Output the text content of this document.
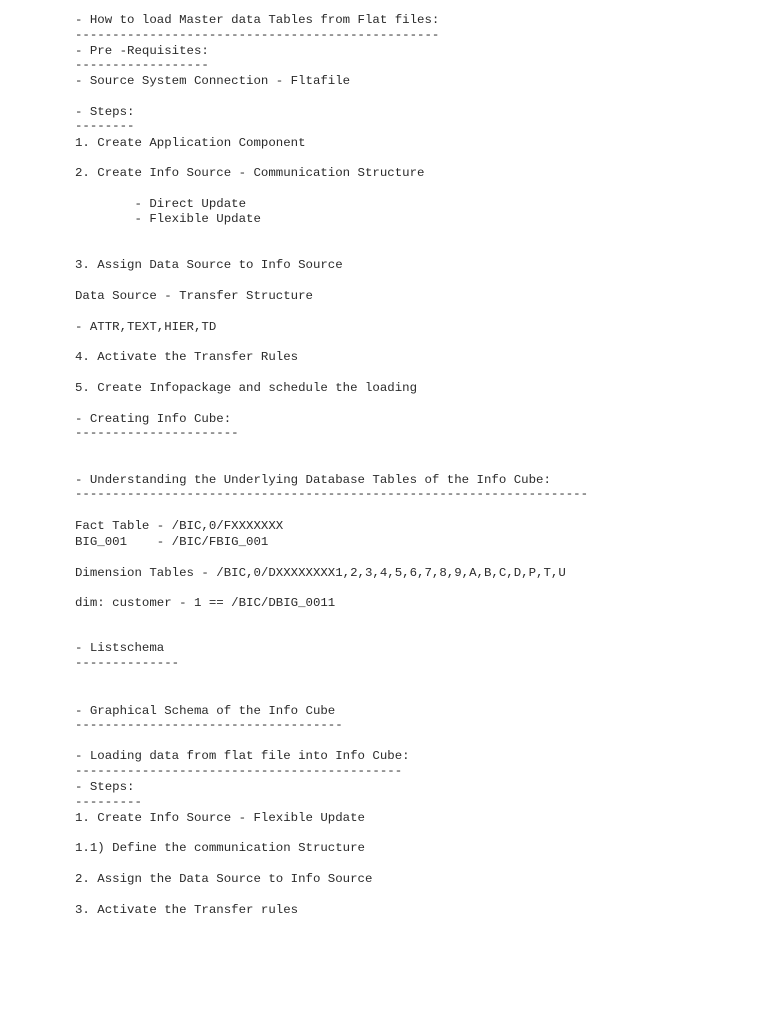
- How to load Master data Tables from Flat files:
-------------------------------------------------
- Pre -Requisites:
------------------
- Source System Connection - Fltafile
- Steps:
--------
1. Create Application Component
2. Create Info Source - Communication Structure
- Direct Update
- Flexible Update
3. Assign Data Source to Info Source
Data Source - Transfer Structure
- ATTR,TEXT,HIER,TD
4. Activate the Transfer Rules
5. Create Infopackage and schedule the loading
- Creating Info Cube:
----------------------
- Understanding the Underlying Database Tables of the Info Cube:
---------------------------------------------------------------------
Fact Table - /BIC,0/FXXXXXXX
BIG_001    - /BIC/FBIG_001
Dimension Tables - /BIC,0/DXXXXXXXX1,2,3,4,5,6,7,8,9,A,B,C,D,P,T,U
dim: customer - 1 == /BIC/DBIG_0011
- Listschema
--------------
- Graphical Schema of the Info Cube
------------------------------------
- Loading data from flat file into Info Cube:
--------------------------------------------
- Steps:
---------
1. Create Info Source - Flexible Update
1.1) Define the communication Structure
2. Assign the Data Source to Info Source
3. Activate the Transfer rules
